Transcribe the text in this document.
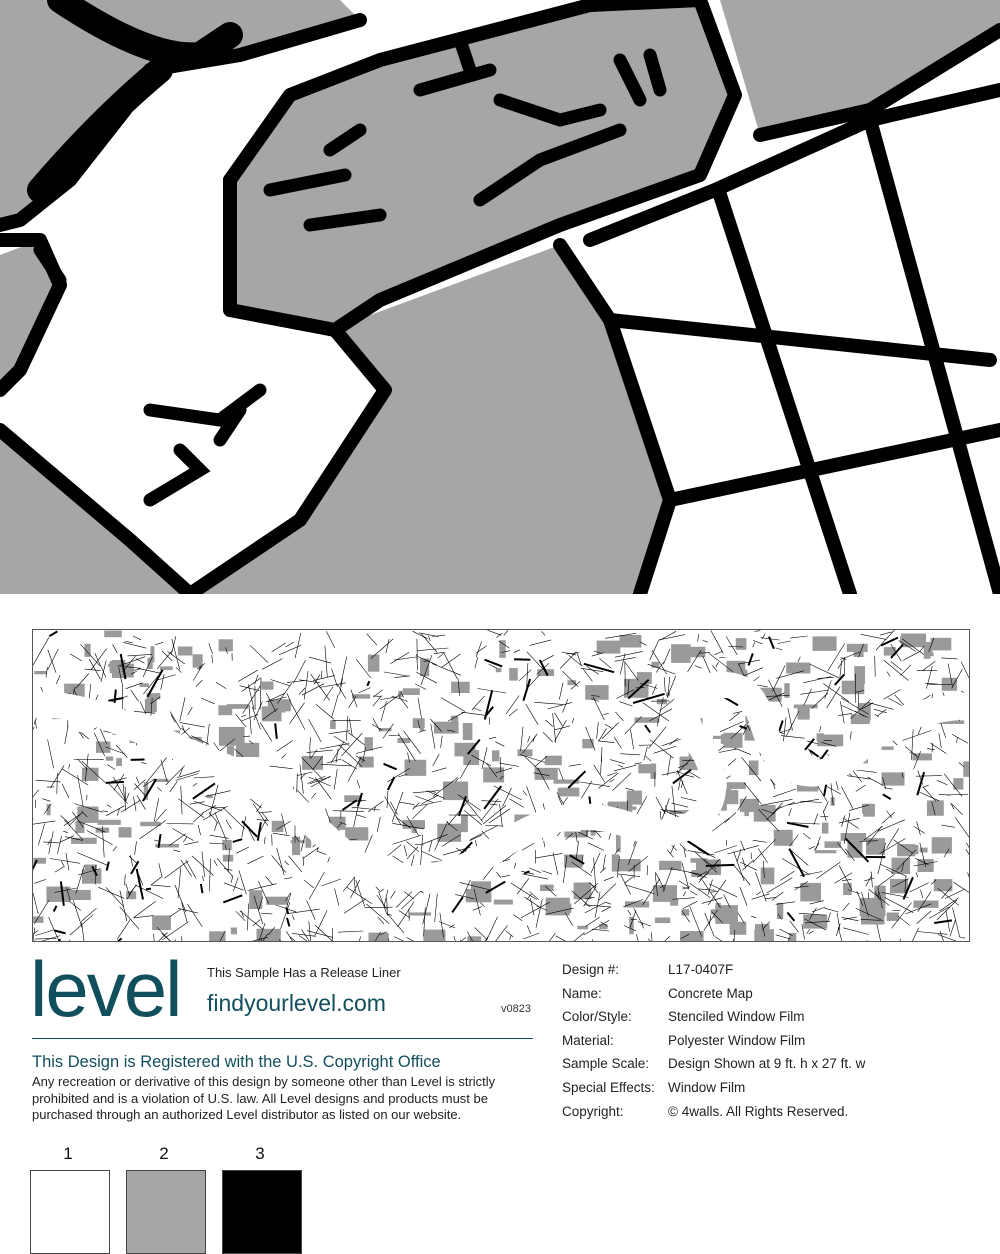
level This Sample Has a Release Liner
findyourlevel.com	v0823
This Design is Registered with the U.S. Copyright Office
Any recreation or derivative of this design by someone other than Level is strictly prohibited and is a violation of U.S. law. All Level designs and products must be purchased through an authorized Level distributor as listed on our website.
Design #:	L17-0407F
Name:	Concrete Map
Color/Style:	Stenciled Window Film
Material:	Polyester Window Film
Sample Scale:	Design Shown at 9 ft. h x 27 ft. w
Special Effects: Window Film
Copyright:	© 4walls. All Rights Reserved.
1	2	3
